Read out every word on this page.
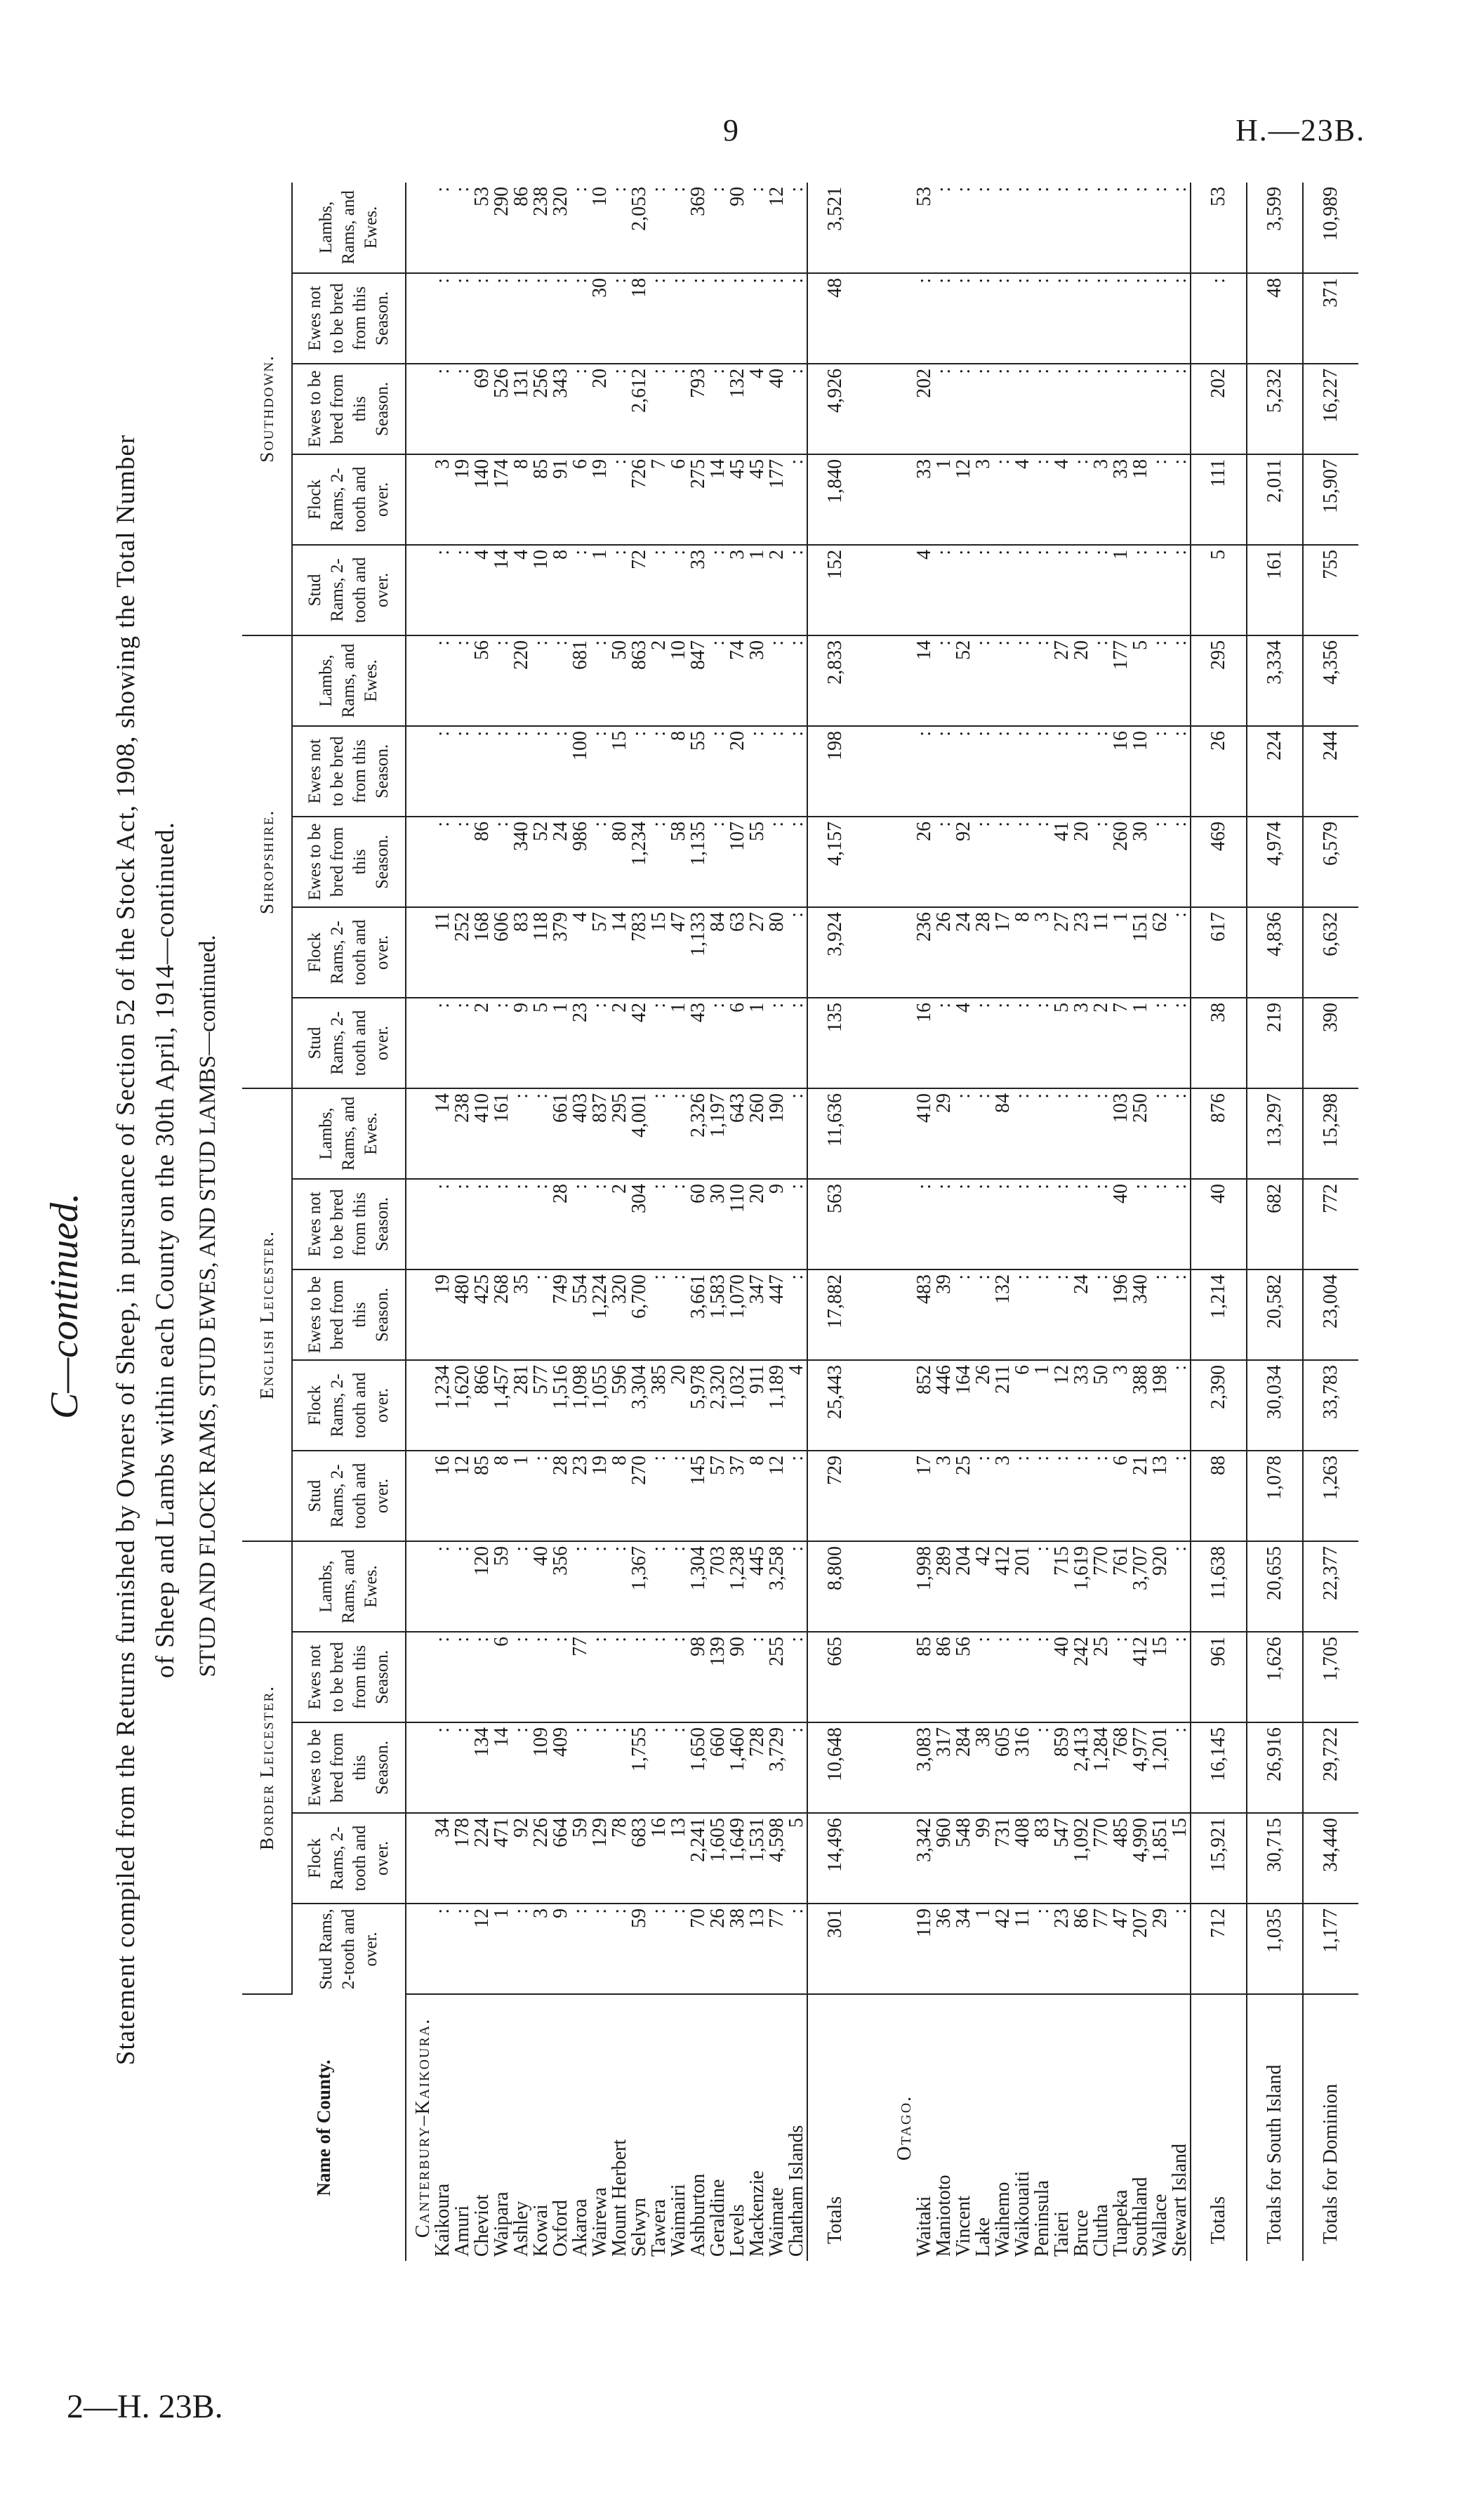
9	H.—23B.
2—H. 23B.
C—continued. Statement compiled from the Returns furnished by Owners of Sheep, in pursuance of Section 52 of the Stock Act, 1908, showing the Total Number of Sheep and Lambs within each County on the 30th April, 1914—continued. STUD AND FLOCK RAMS, STUD EWES, AND STUD LAMBS—continued.
Name of County.	Border Leicester.					English Leicester.					Shropshire.					Southdown.				
	Stud Rams, 2-tooth and over.	Flock Rams, 2-tooth and over.	Ewes to be bred from this Season.	Ewes not to be bred from this Season.	Lambs, Rams, and Ewes.	Stud Rams, 2-tooth and over.	Flock Rams, 2-tooth and over.	Ewes to be bred from this Season.	Ewes not to be bred from this Season.	Lambs, Rams, and Ewes.	Stud Rams, 2-tooth and over.	Flock Rams, 2-tooth and over.	Ewes to be bred from this Season.	Ewes not to be bred from this Season.	Lambs, Rams, and Ewes.	Stud Rams, 2-tooth and over.	Flock Rams, 2-tooth and over.	Ewes to be bred from this Season.	Ewes not to be bred from this Season.	Lambs, Rams, and Ewes.
Canterbury–Kaikoura.																				
Kaikoura	:	34	:	:	:	16	1,234	19	:	14	:	11	:	:	:	:	3	:	:	:
Amuri	:	178	:	:	:	12	1,620	480	:	238	:	252	:	:	:	:	19	:	:	:
Cheviot	12	224	134	:	120	85	866	425	:	410	2	168	86	:	56	4	140	69	:	53
Waipara	1	471	14	6	59	8	1,457	268	:	161	:	606	:	:	:	14	174	526	:	290
Ashley	:	92	:	:	:	1	281	35	:	:	9	83	340	:	220	4	8	131	:	86
Kowai	3	226	109	:	40	:	577	:	:	:	5	118	52	:	:	10	85	256	:	238
Oxford	9	664	409	:	356	28	1,516	749	28	661	1	379	24	:	:	8	91	343	:	320
Akaroa	:	59	:	77	:	23	1,098	554	:	403	23	4	986	100	681	:	6	:	:	:
Wairewa	:	129	:	:	:	19	1,055	1,224	:	837	:	57	:	:	:	1	19	20	30	10
Mount Herbert	:	78	:	:	:	8	596	320	2	295	2	14	80	15	50	:	:	:	:	:
Selwyn	59	683	1,755	:	1,367	270	3,304	6,700	304	4,001	42	783	1,234	:	863	72	726	2,612	18	2,053
Tawera	:	16	:	:	:	:	385	:	:	:	:	15	:	:	2	:	7	:	:	:
Waimairi	:	13	:	:	:	:	20	:	:	:	1	47	58	8	10	:	6	:	:	:
Ashburton	70	2,241	1,650	98	1,304	145	5,978	3,661	60	2,326	43	1,133	1,135	55	847	33	275	793	:	369
Geraldine	26	1,605	660	139	703	57	2,320	1,583	30	1,197	:	84	:	:	:	:	14	:	:	:
Levels	38	1,649	1,460	90	1,238	37	1,032	1,070	110	643	6	63	107	20	74	3	45	132	:	90
Mackenzie	13	1,531	728	:	445	8	911	347	20	260	1	27	55	:	30	1	45	4	:	:
Waimate	77	4,598	3,729	255	3,258	12	1,189	447	9	190	:	80	:	:	:	2	177	40	:	12
Chatham Islands	:	5	:	:	:	:	4	:	:	:	:	:	:	:	:	:	:	:	:	:
Totals	301	14,496	10,648	665	8,800	729	25,443	17,882	563	11,636	135	3,924	4,157	198	2,833	152	1,840	4,926	48	3,521

Otago.																				
Waitaki	119	3,342	3,083	85	1,998	17	852	483	:	410	16	236	26	:	14	4	33	202	:	53
Maniototo	36	960	317	86	289	3	446	39	:	29	:	26	:	:	:	:	1	:	:	:
Vincent	34	548	284	56	204	25	164	:	:	:	4	24	92	:	52	:	12	:	:	:
Lake	1	99	38	:	42	:	26	:	:	:	:	28	:	:	:	:	3	:	:	:
Waihemo	42	731	605	:	412	3	211	132	:	84	:	17	:	:	:	:	:	:	:	:
Waikouaiti	11	408	316	:	201	:	6	:	:	:	:	8	:	:	:	:	4	:	:	:
Peninsula	:	83	:	:	:	:	1	:	:	:	:	3	:	:	:	:	:	:	:	:
Taieri	23	547	859	40	715	:	12	:	:	:	5	27	41	:	27	:	4	:	:	:
Bruce	86	1,092	2,413	242	1,619	:	33	24	:	:	3	23	20	:	20	:	:	:	:	:
Clutha	77	770	1,284	25	770	:	50	:	:	:	2	11	:	:	:	:	3	:	:	:
Tuapeka	47	485	768	:	761	6	3	196	40	103	7	1	260	16	177	1	33	:	:	:
Southland	207	4,990	4,977	412	3,707	21	388	340	:	250	1	151	30	10	5	:	18	:	:	:
Wallace	29	1,851	1,201	15	920	13	198	:	:	:	:	62	:	:	:	:	:	:	:	:
Stewart Island	:	15	:	:	:	:	:	:	:	:	:	:	:	:	:	:	:	:	:	:
Totals	712	15,921	16,145	961	11,638	88	2,390	1,214	40	876	38	617	469	26	295	5	111	202	:	53
Totals for South Island	1,035	30,715	26,916	1,626	20,655	1,078	30,034	20,582	682	13,297	219	4,836	4,974	224	3,334	161	2,011	5,232	48	3,599
Totals for Dominion	1,177	34,440	29,722	1,705	22,377	1,263	33,783	23,004	772	15,298	390	6,632	6,579	244	4,356	755	15,907	16,227	371	10,989
